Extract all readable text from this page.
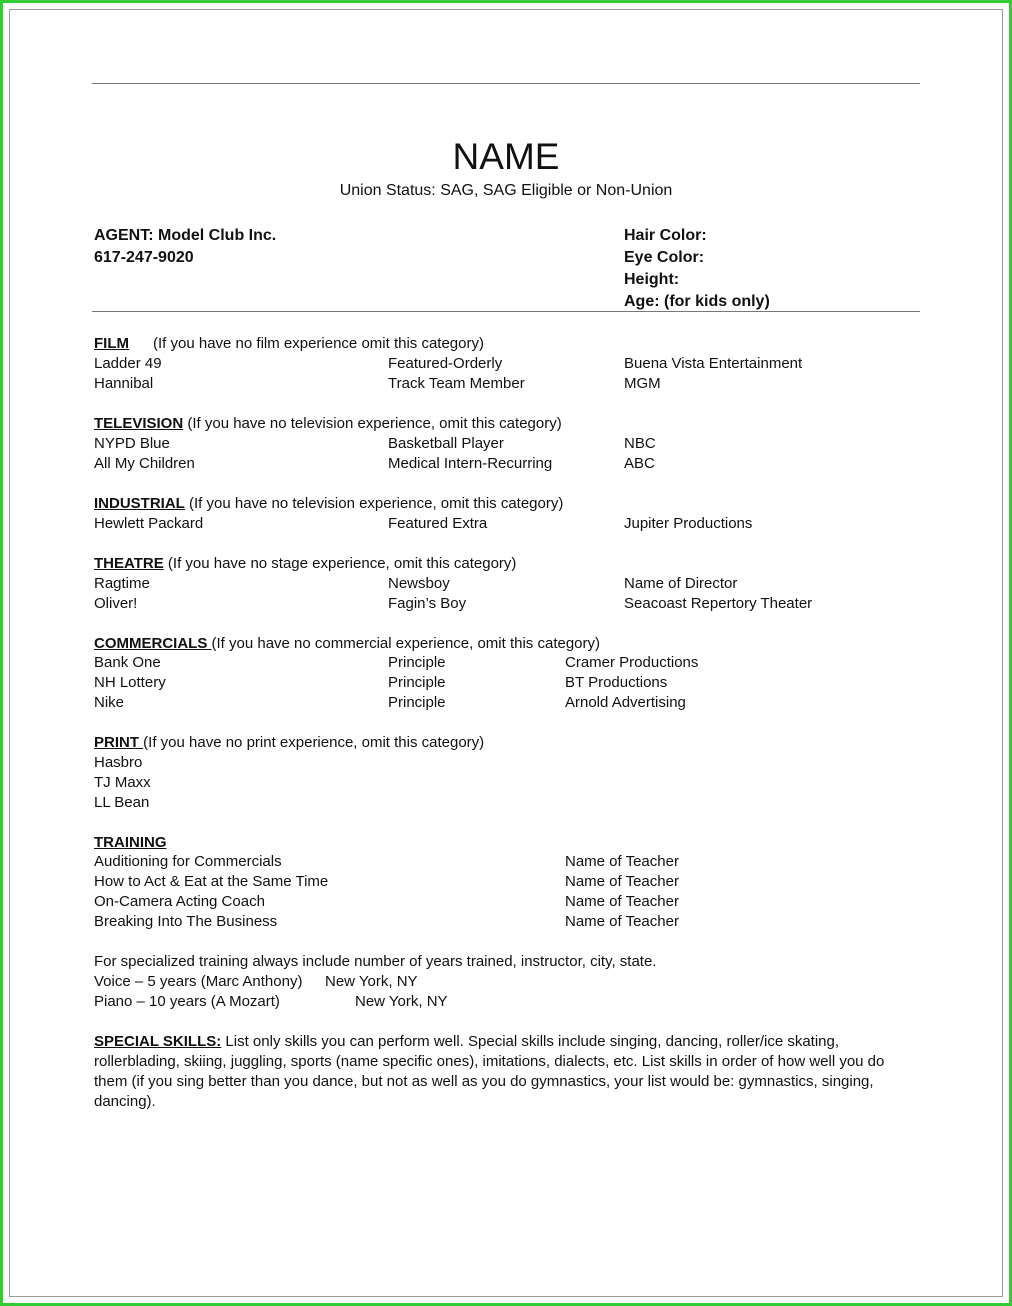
NAME
Union Status: SAG, SAG Eligible or Non-Union
AGENT: Model Club Inc.
617-247-9020
Hair Color:
Eye Color:
Height:
Age: (for kids only)
FILM (If you have no film experience omit this category)
Ladder 49	Featured-Orderly	Buena Vista Entertainment
Hannibal	Track Team Member	MGM
TELEVISION (If you have no television experience, omit this category)
NYPD Blue	Basketball Player	NBC
All My Children	Medical Intern-Recurring	ABC
INDUSTRIAL (If you have no television experience, omit this category)
Hewlett Packard	Featured Extra	Jupiter Productions
THEATRE (If you have no stage experience, omit this category)
Ragtime	Newsboy	Name of Director
Oliver!	Fagin’s Boy	Seacoast Repertory Theater
COMMERCIALS (If you have no commercial experience, omit this category)
Bank One	Principle	Cramer Productions
NH Lottery	Principle	BT Productions
Nike	Principle	Arnold Advertising
PRINT (If you have no print experience, omit this category)
Hasbro
TJ Maxx
LL Bean
TRAINING
Auditioning for Commercials	Name of Teacher
How to Act & Eat at the Same Time	Name of Teacher
On-Camera Acting Coach	Name of Teacher
Breaking Into The Business	Name of Teacher
For specialized training always include number of years trained, instructor, city, state.
Voice – 5 years (Marc Anthony) New York, NY
Piano – 10 years (A Mozart)	New York, NY
SPECIAL SKILLS: List only skills you can perform well. Special skills include singing, dancing, roller/ice skating, rollerblading, skiing, juggling, sports (name specific ones), imitations, dialects, etc. List skills in order of how well you do them (if you sing better than you dance, but not as well as you do gymnastics, your list would be: gymnastics, singing, dancing).
